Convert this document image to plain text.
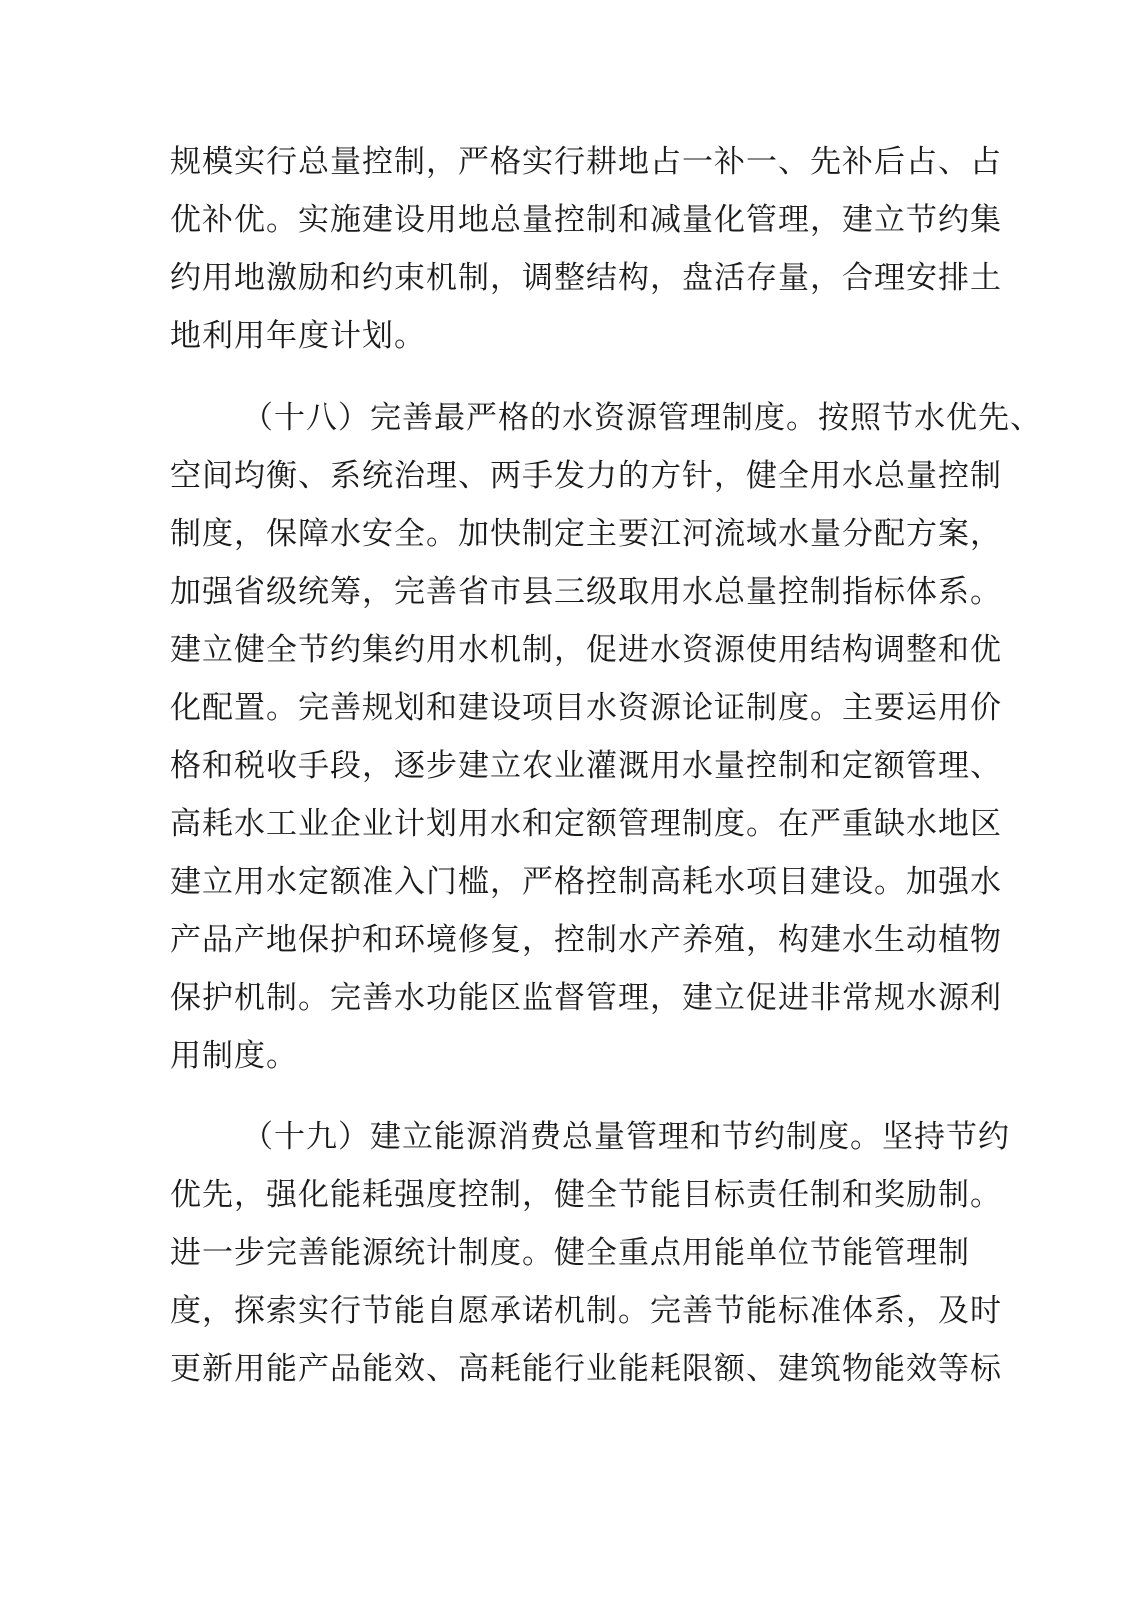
规模实行总量控制，严格实行耕地占一补一、先补后占、占
优补优。实施建设用地总量控制和减量化管理，建立节约集
约用地激励和约束机制，调整结构，盘活存量，合理安排土
地利用年度计划。
（十八）完善最严格的水资源管理制度。按照节水优先、
空间均衡、系统治理、两手发力的方针，健全用水总量控制
制度，保障水安全。加快制定主要江河流域水量分配方案，
加强省级统筹，完善省市县三级取用水总量控制指标体系。
建立健全节约集约用水机制，促进水资源使用结构调整和优
化配置。完善规划和建设项目水资源论证制度。主要运用价
格和税收手段，逐步建立农业灌溉用水量控制和定额管理、
高耗水工业企业计划用水和定额管理制度。在严重缺水地区
建立用水定额准入门槛，严格控制高耗水项目建设。加强水
产品产地保护和环境修复，控制水产养殖，构建水生动植物
保护机制。完善水功能区监督管理，建立促进非常规水源利
用制度。
（十九）建立能源消费总量管理和节约制度。坚持节约
优先，强化能耗强度控制，健全节能目标责任制和奖励制。
进一步完善能源统计制度。健全重点用能单位节能管理制
度，探索实行节能自愿承诺机制。完善节能标准体系，及时
更新用能产品能效、高耗能行业能耗限额、建筑物能效等标
